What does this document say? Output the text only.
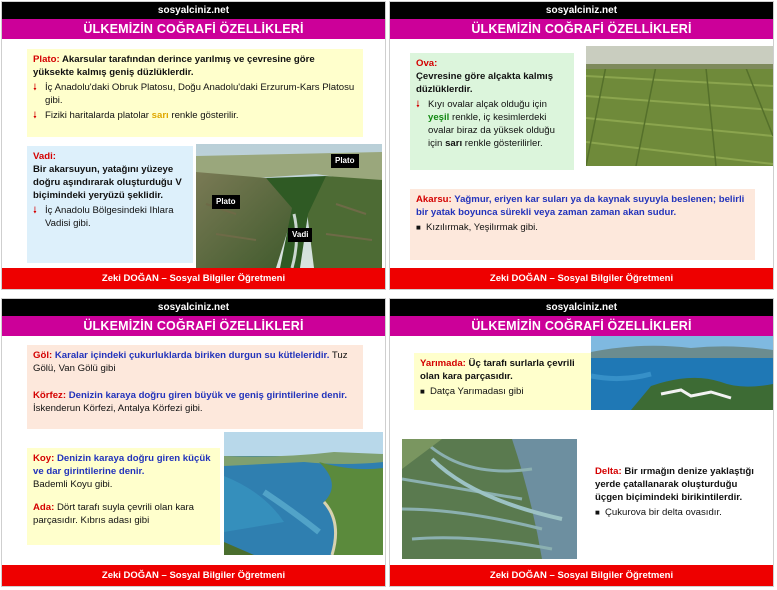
sosyalciniz.net
ÜLKEMİZİN COĞRAFİ ÖZELLİKLERİ
Plato: Akarsular tarafından derince yarılmış ve çevresine göre yüksekte kalmış geniş düzlüklerdir.
🠗 İç Anadolu'daki Obruk Platosu, Doğu Anadolu'daki Erzurum-Kars Platosu gibi.
🠗 Fiziki haritalarda platolar sarı renkle gösterilir.
Vadi:
Bir akarsuyun, yatağını yüzeye doğru aşındırarak oluşturduğu V biçimindeki yeryüzü şeklidir.
🠗 İç Anadolu Bölgesindeki Ihlara Vadisi gibi.
Plato
Plato
Vadi
Zeki DOĞAN – Sosyal Bilgiler Öğretmeni
sosyalciniz.net
ÜLKEMİZİN COĞRAFİ ÖZELLİKLERİ
Ova:
Çevresine göre alçakta kalmış düzlüklerdir.
🠗 Kıyı ovalar alçak olduğu için yeşil renkle, iç kesimlerdeki ovalar biraz da yüksek olduğu için sarı renkle gösterilirler.
Akarsu: Yağmur, eriyen kar suları ya da kaynak suyuyla beslenen; belirli bir yatak boyunca sürekli veya zaman zaman akan sudur.
■ Kızılırmak, Yeşilırmak gibi.
Zeki DOĞAN – Sosyal Bilgiler Öğretmeni
sosyalciniz.net
ÜLKEMİZİN COĞRAFİ ÖZELLİKLERİ
Göl: Karalar içindeki çukurluklarda biriken durgun su kütleleridir. Tuz Gölü, Van Gölü gibi
Körfez: Denizin karaya doğru giren büyük ve geniş girintilerine denir. İskenderun Körfezi, Antalya Körfezi gibi.
Koy: Denizin karaya doğru giren küçük ve dar girintilerine denir.
Bademli Koyu gibi.
Ada: Dört tarafı suyla çevrili olan kara parçasıdır. Kıbrıs adası gibi
Zeki DOĞAN – Sosyal Bilgiler Öğretmeni
sosyalciniz.net
ÜLKEMİZİN COĞRAFİ ÖZELLİKLERİ
Yarımada: Üç tarafı surlarla çevrili olan kara parçasıdır.
■ Datça Yarımadası gibi
Delta: Bir ırmağın denize yaklaştığı yerde çatallanarak oluşturduğu üçgen biçimindeki birikintilerdir.
■ Çukurova bir delta ovasıdır.
Zeki DOĞAN – Sosyal Bilgiler Öğretmeni
